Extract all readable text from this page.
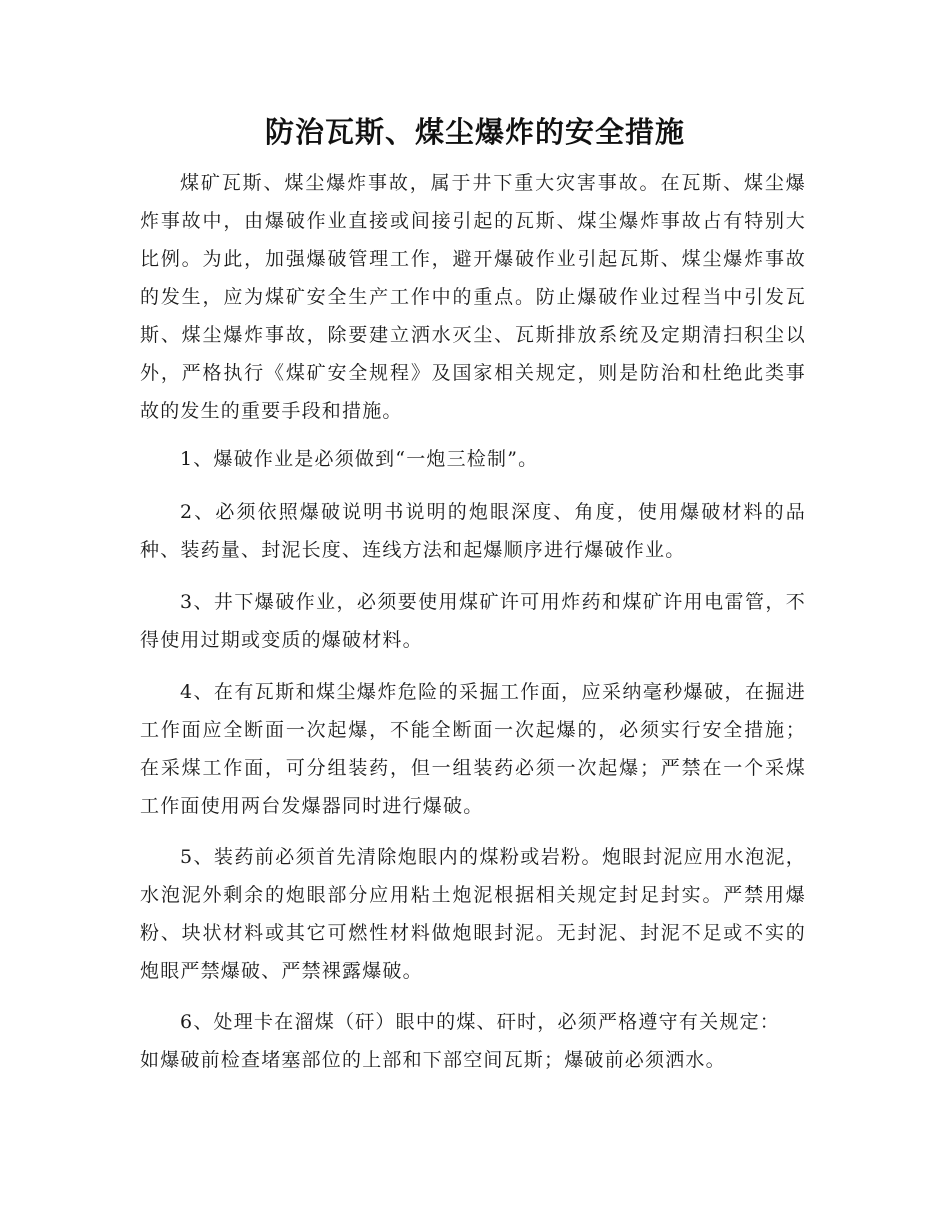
防治瓦斯、煤尘爆炸的安全措施

煤矿瓦斯、煤尘爆炸事故，属于井下重大灾害事故。在瓦斯、煤尘爆炸事故中，由爆破作业直接或间接引起的瓦斯、煤尘爆炸事故占有特别大比例。为此，加强爆破管理工作，避开爆破作业引起瓦斯、煤尘爆炸事故的发生，应为煤矿安全生产工作中的重点。防止爆破作业过程当中引发瓦斯、煤尘爆炸事故，除要建立洒水灭尘、瓦斯排放系统及定期清扫积尘以外，严格执行《煤矿安全规程》及国家相关规定，则是防治和杜绝此类事故的发生的重要手段和措施。

1、爆破作业是必须做到“一炮三检制”。

2、必须依照爆破说明书说明的炮眼深度、角度，使用爆破材料的品种、装药量、封泥长度、连线方法和起爆顺序进行爆破作业。

3、井下爆破作业，必须要使用煤矿许可用炸药和煤矿许用电雷管，不得使用过期或变质的爆破材料。

4、在有瓦斯和煤尘爆炸危险的采掘工作面，应采纳毫秒爆破，在掘进工作面应全断面一次起爆，不能全断面一次起爆的，必须实行安全措施；在采煤工作面，可分组装药，但一组装药必须一次起爆；严禁在一个采煤工作面使用两台发爆器同时进行爆破。

5、装药前必须首先清除炮眼内的煤粉或岩粉。炮眼封泥应用水泡泥，水泡泥外剩余的炮眼部分应用粘土炮泥根据相关规定封足封实。严禁用爆粉、块状材料或其它可燃性材料做炮眼封泥。无封泥、封泥不足或不实的炮眼严禁爆破、严禁裸露爆破。

6、处理卡在溜煤（矸）眼中的煤、矸时，必须严格遵守有关规定：如爆破前检查堵塞部位的上部和下部空间瓦斯；爆破前必须洒水。
